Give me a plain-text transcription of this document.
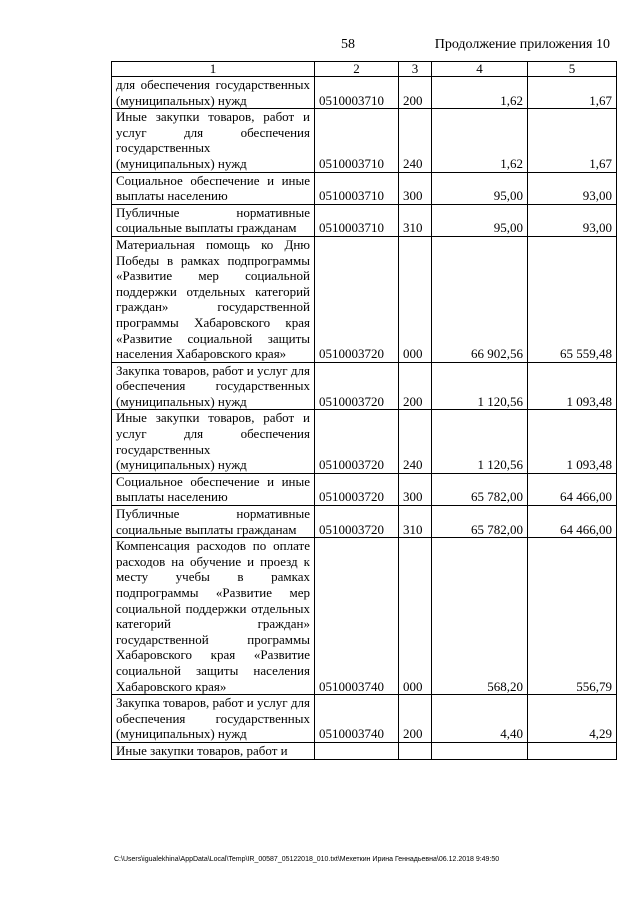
58	Продолжение приложения 10
1	2	3	4	5
для обеспечения государственных (муниципальных) нужд	0510003710	200	1,62	1,67
Иные закупки товаров, работ и услуг для обеспечения государственных (муниципальных) нужд	0510003710	240	1,62	1,67
Социальное обеспечение и иные выплаты населению	0510003710	300	95,00	93,00
Публичные нормативные социальные выплаты гражданам	0510003710	310	95,00	93,00
Материальная помощь ко Дню Победы в рамках подпрограммы «Развитие мер социальной поддержки отдельных категорий граждан» государственной программы Хабаровского края «Развитие социальной защиты населения Хабаровского края»	0510003720	000	66 902,56	65 559,48
Закупка товаров, работ и услуг для обеспечения государственных (муниципальных) нужд	0510003720	200	1 120,56	1 093,48
Иные закупки товаров, работ и услуг для обеспечения государственных (муниципальных) нужд	0510003720	240	1 120,56	1 093,48
Социальное обеспечение и иные выплаты населению	0510003720	300	65 782,00	64 466,00
Публичные нормативные социальные выплаты гражданам	0510003720	310	65 782,00	64 466,00
Компенсация расходов по оплате расходов на обучение и проезд к месту учебы в рамках подпрограммы «Развитие мер социальной поддержки отдельных категорий граждан» государственной программы Хабаровского края «Развитие социальной защиты населения Хабаровского края»	0510003740	000	568,20	556,79
Закупка товаров, работ и услуг для обеспечения государственных (муниципальных) нужд	0510003740	200	4,40	4,29
Иные закупки товаров, работ и				
C:\Users\igualekhina\AppData\Local\Temp\IR_00587_05122018_010.txt\Мехеткин Ирина Геннадьевна\06.12.2018 9:49:50
